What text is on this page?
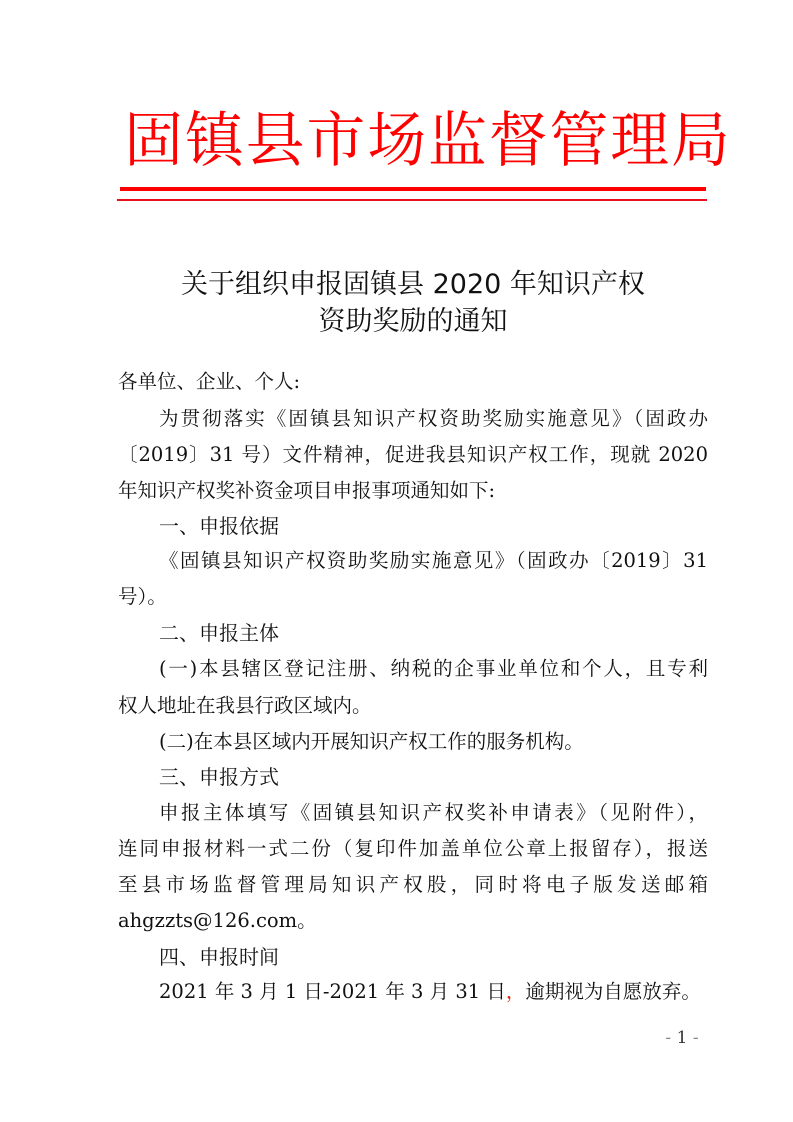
固镇县市场监督管理局
关于组织申报固镇县 2020 年知识产权
资助奖励的通知
各单位、企业、个人:
为贯彻落实《固镇县知识产权资助奖励实施意见》（固政办
〔2019〕31 号）文件精神，促进我县知识产权工作，现就 2020
年知识产权奖补资金项目申报事项通知如下:
一、申报依据
《固镇县知识产权资助奖励实施意见》（固政办〔2019〕31
号）。
二、申报主体
(一)本县辖区登记注册、纳税的企事业单位和个人，且专利
权人地址在我县行政区域内。
(二)在本县区域内开展知识产权工作的服务机构。
三、申报方式
申报主体填写《固镇县知识产权奖补申请表》（见附件），
连同申报材料一式二份（复印件加盖单位公章上报留存），报送
至县市场监督管理局知识产权股，同时将电子版发送邮箱
ahgzzts@126.com。
四、申报时间
2021 年 3 月 1 日-2021 年 3 月 31 日，逾期视为自愿放弃。
- 1 -
